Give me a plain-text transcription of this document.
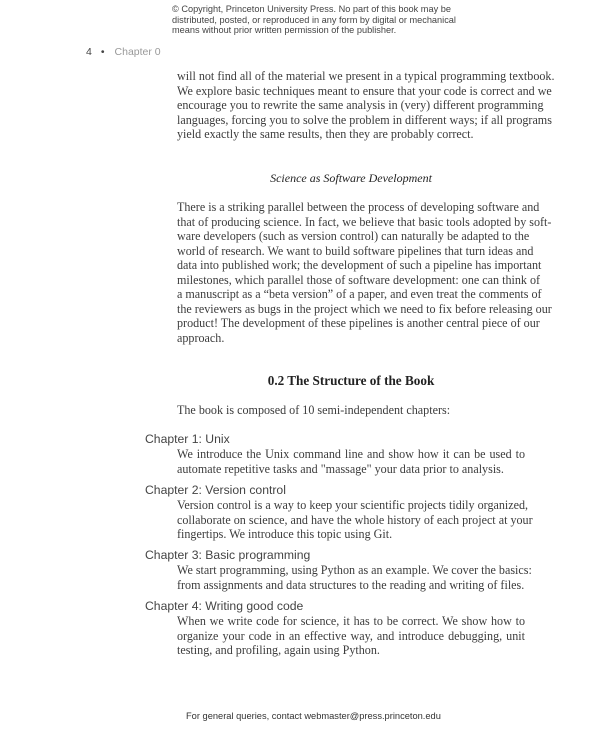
© Copyright, Princeton University Press. No part of this book may be
distributed, posted, or reproduced in any form by digital or mechanical
means without prior written permission of the publisher.
4 • Chapter 0
will not find all of the material we present in a typical programming textbook.
We explore basic techniques meant to ensure that your code is correct and we
encourage you to rewrite the same analysis in (very) different programming
languages, forcing you to solve the problem in different ways; if all programs
yield exactly the same results, then they are probably correct.
Science as Software Development
There is a striking parallel between the process of developing software and
that of producing science. In fact, we believe that basic tools adopted by soft-
ware developers (such as version control) can naturally be adapted to the
world of research. We want to build software pipelines that turn ideas and
data into published work; the development of such a pipeline has important
milestones, which parallel those of software development: one can think of
a manuscript as a “beta version” of a paper, and even treat the comments of
the reviewers as bugs in the project which we need to fix before releasing our
product! The development of these pipelines is another central piece of our
approach.
0.2 The Structure of the Book
The book is composed of 10 semi-independent chapters:
Chapter 1: Unix
We introduce the Unix command line and show how it can be used to
automate repetitive tasks and "massage" your data prior to analysis.
Chapter 2: Version control
Version control is a way to keep your scientific projects tidily organized,
collaborate on science, and have the whole history of each project at your
fingertips. We introduce this topic using Git.
Chapter 3: Basic programming
We start programming, using Python as an example. We cover the basics:
from assignments and data structures to the reading and writing of files.
Chapter 4: Writing good code
When we write code for science, it has to be correct. We show how to
organize your code in an effective way, and introduce debugging, unit
testing, and profiling, again using Python.
For general queries, contact webmaster@press.princeton.edu
